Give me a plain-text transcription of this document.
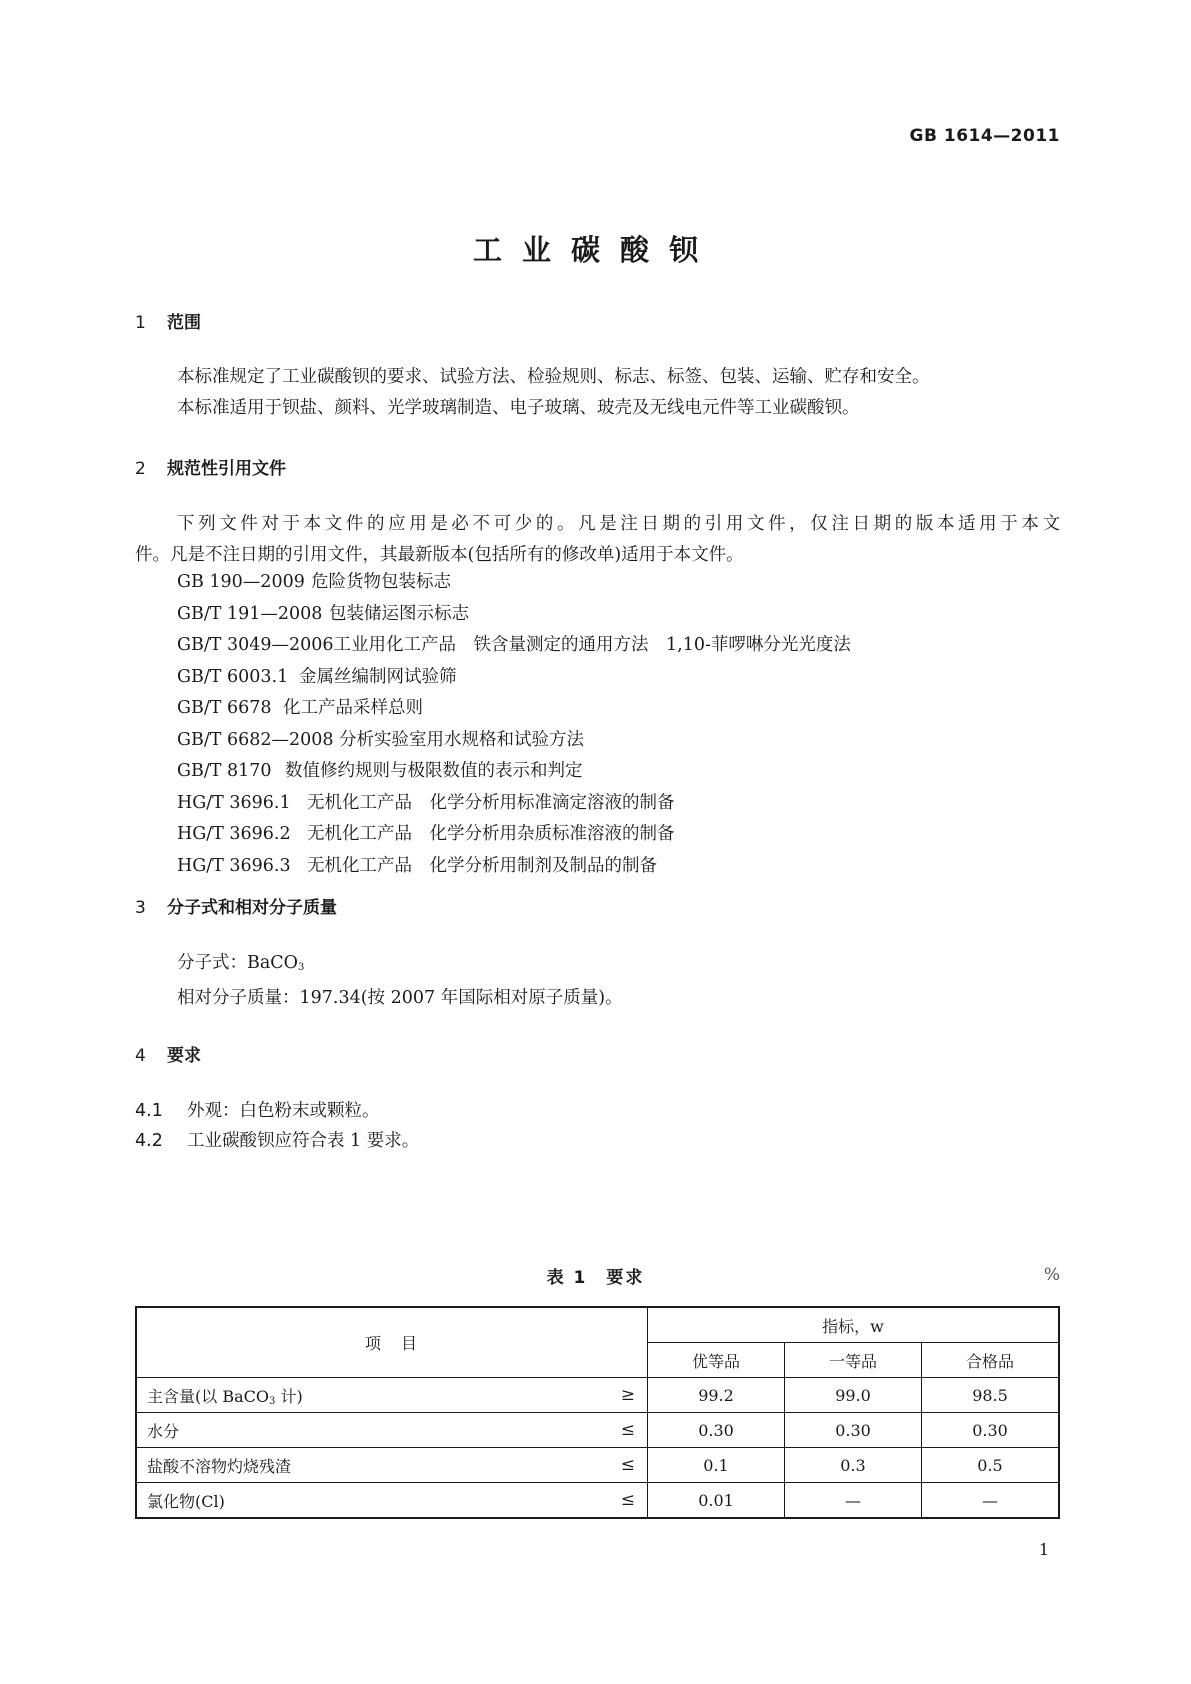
GB 1614—2011
工业碳酸钡
1 范围

本标准规定了工业碳酸钡的要求、试验方法、检验规则、标志、标签、包装、运输、贮存和安全。

本标准适用于钡盐、颜料、光学玻璃制造、电子玻璃、玻壳及无线电元件等工业碳酸钡。

2 规范性引用文件

下列文件对于本文件的应用是必不可少的。凡是注日期的引用文件，仅注日期的版本适用于本文

件。凡是不注日期的引用文件，其最新版本(包括所有的修改单)适用于本文件。

GB 190—2009 危险货物包装标志
GB/T 191—2008 包装储运图示标志
GB/T 3049—2006工业用化工产品　铁含量测定的通用方法　1,10-菲啰啉分光光度法
GB/T 6003.1 金属丝编制网试验筛
GB/T 6678 化工产品采样总则
GB/T 6682—2008 分析实验室用水规格和试验方法
GB/T 8170 数值修约规则与极限数值的表示和判定
HG/T 3696.1 无机化工产品　化学分析用标准滴定溶液的制备
HG/T 3696.2 无机化工产品　化学分析用杂质标准溶液的制备
HG/T 3696.3 无机化工产品　化学分析用制剂及制品的制备
3 分子式和相对分子质量

分子式：BaCO$_3$

相对分子质量：197.34(按 2007 年国际相对原子质量)。

4 要求
4.1 外观：白色粉末或颗粒。
4.2 工业碳酸钡应符合表 1 要求。
表 1　要求	%
项　目	指标，w		
	优等品	一等品	合格品
主含量(以 BaCO$_3$ 计) ≥	99.2	99.0	98.5
水分 ≤	0.30	0.30	0.30
盐酸不溶物灼烧残渣 ≤	0.1	0.3	0.5
氯化物(Cl) ≤	0.01	—	—
1
